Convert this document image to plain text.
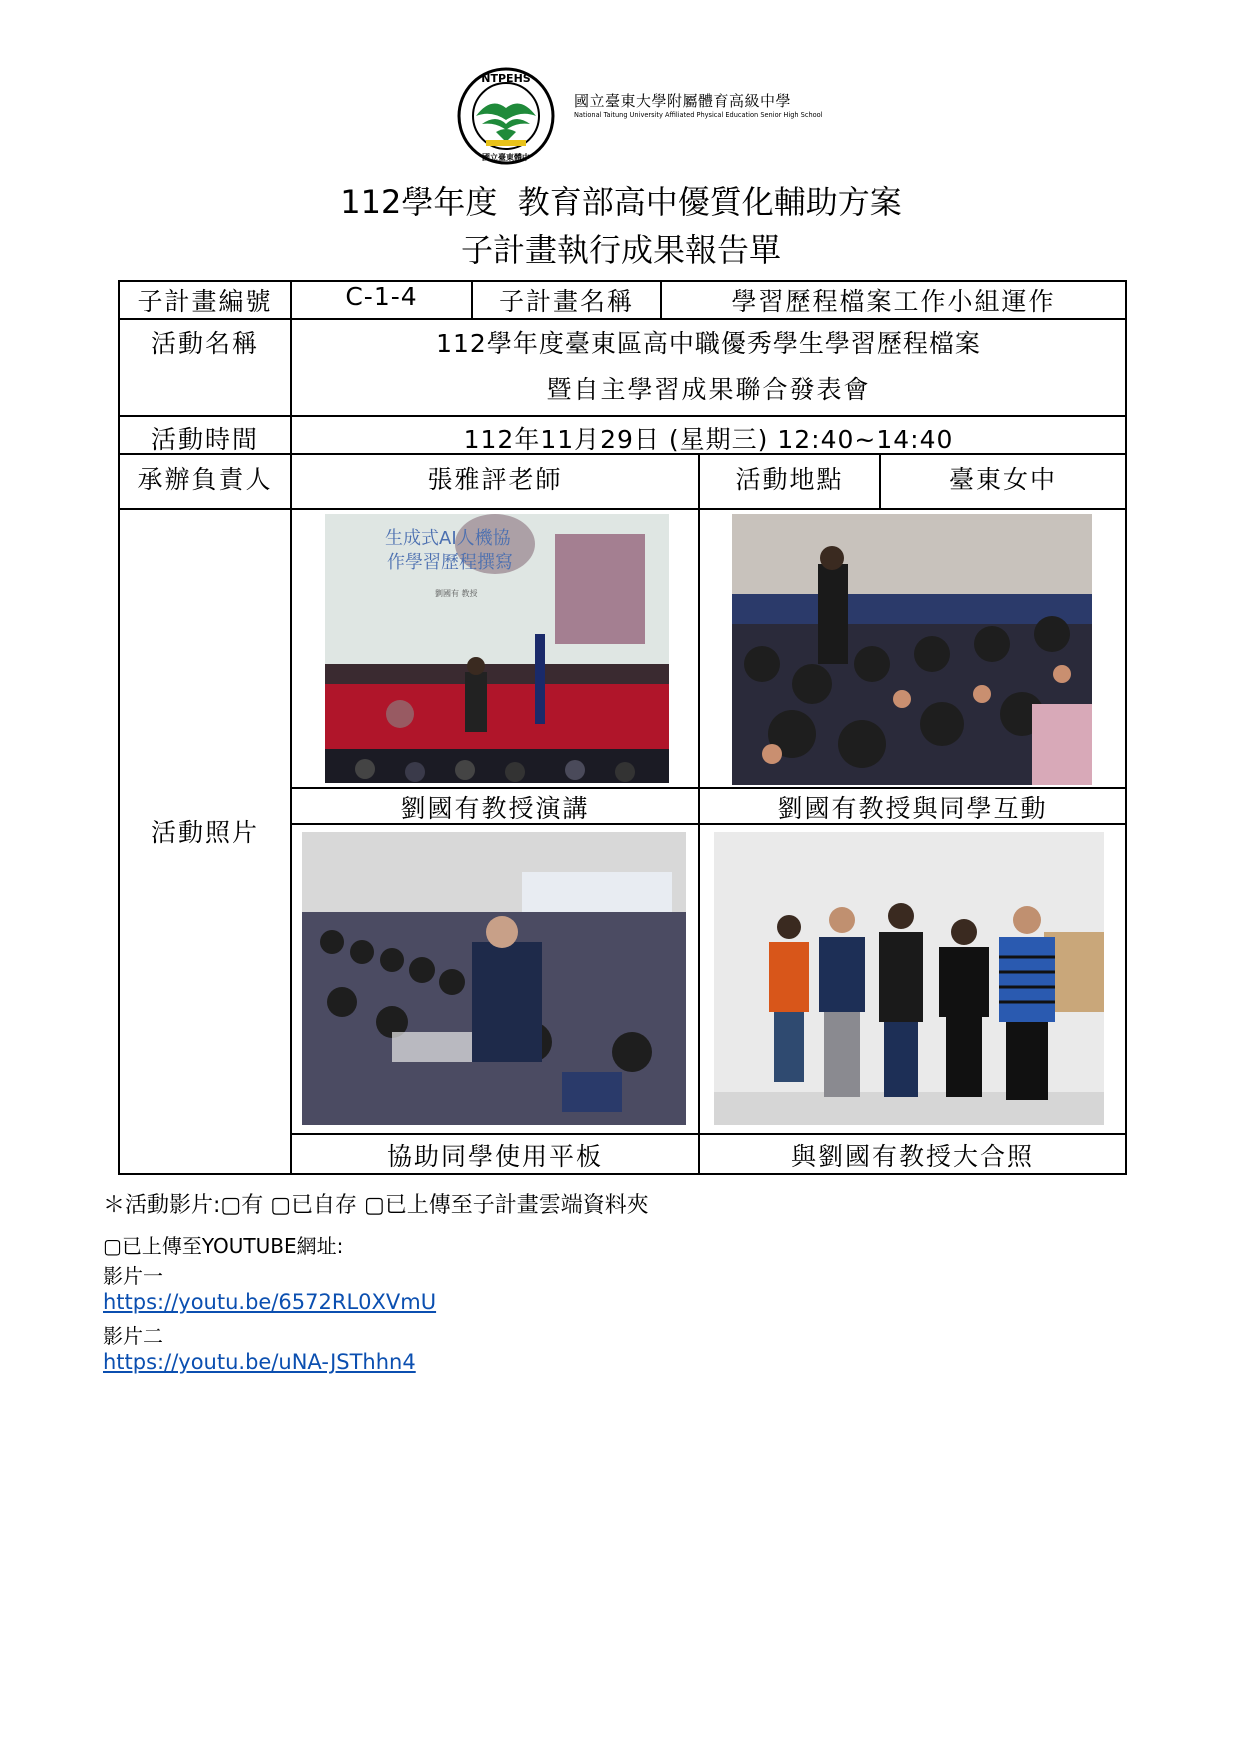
NTPEHS
國立臺東體中
國立臺東大學附屬體育高級中學
National Taitung University Affiliated Physical Education Senior High School
112學年度  教育部高中優質化輔助方案
子計畫執行成果報告單
子計畫編號	C-1-4	子計畫名稱	學習歷程檔案工作小組運作
活動名稱	112學年度臺東區高中職優秀學生學習歷程檔案
暨自主學習成果聯合發表會
活動時間	112年11月29日 (星期三) 12:40~14:40
承辦負責人	張雅評老師	活動地點	臺東女中
活動照片
生成式AI人機協
作學習歷程撰寫
劉國有 教授
劉國有教授演講	劉國有教授與同學互動
協助同學使用平板	與劉國有教授大合照
＊活動影片:▢有 ▢已自存 ▢已上傳至子計畫雲端資料夾
▢已上傳至YOUTUBE網址:
影片一
https://youtu.be/6572RL0XVmU
影片二
https://youtu.be/uNA-JSThhn4
